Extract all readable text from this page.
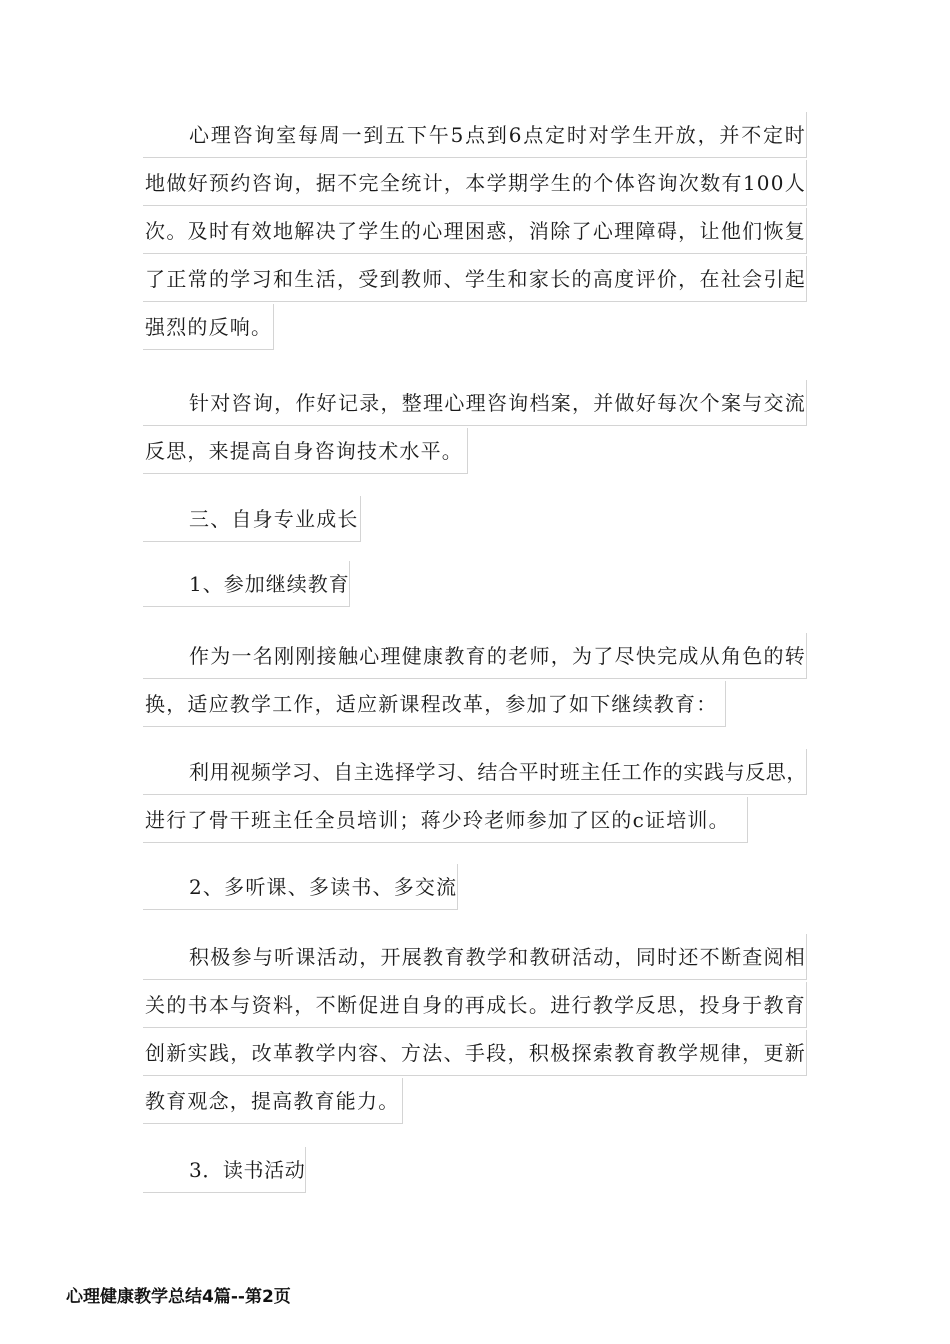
心理咨询室每周一到五下午5点到6点定时对学生开放，并不定时
地做好预约咨询，据不完全统计，本学期学生的个体咨询次数有100人
次。及时有效地解决了学生的心理困惑，消除了心理障碍，让他们恢复
了正常的学习和生活，受到教师、学生和家长的高度评价，在社会引起
强烈的反响。
针对咨询，作好记录，整理心理咨询档案，并做好每次个案与交流
反思，来提高自身咨询技术水平。
三、自身专业成长
1、参加继续教育
作为一名刚刚接触心理健康教育的老师，为了尽快完成从角色的转
换，适应教学工作，适应新课程改革，参加了如下继续教育：
利用视频学习、自主选择学习、结合平时班主任工作的实践与反思，
进行了骨干班主任全员培训；蒋少玲老师参加了区的c证培训。
2、多听课、多读书、多交流
积极参与听课活动，开展教育教学和教研活动，同时还不断查阅相
关的书本与资料，不断促进自身的再成长。进行教学反思，投身于教育
创新实践，改革教学内容、方法、手段，积极探索教育教学规律，更新
教育观念，提高教育能力。
3．读书活动
心理健康教学总结4篇--第2页
